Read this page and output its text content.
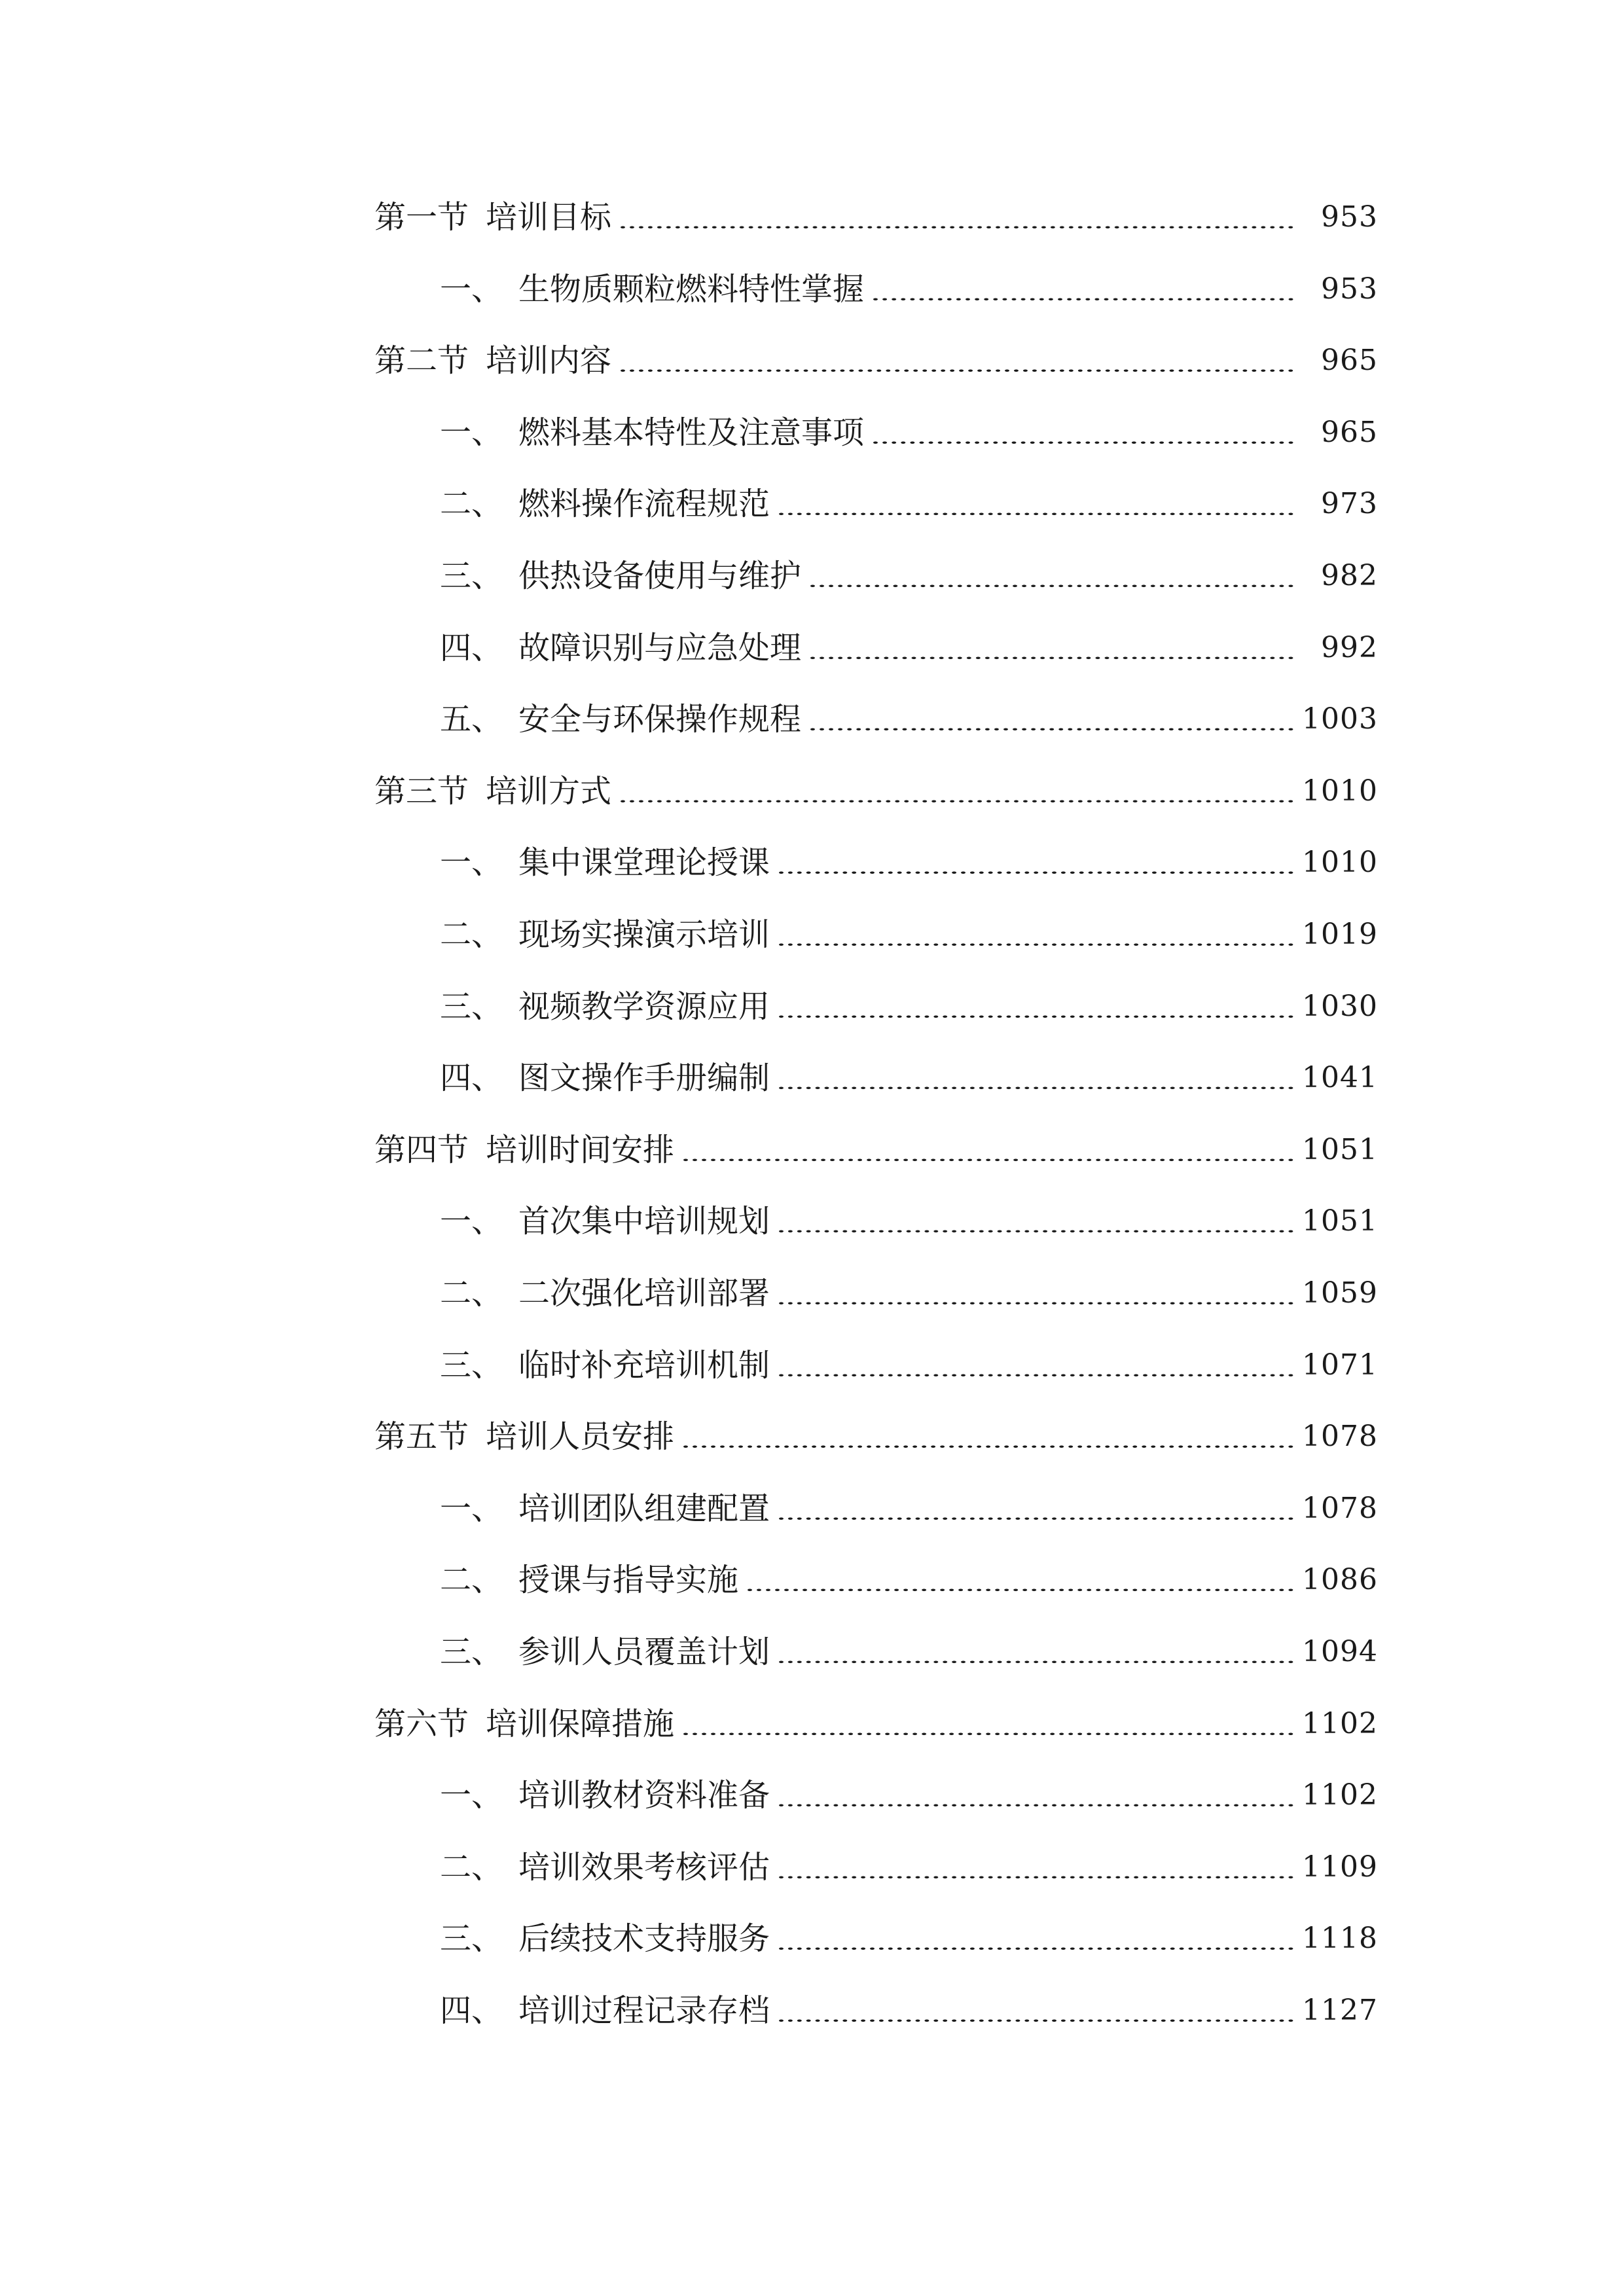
第一节 培训目标	953
一、 生物质颗粒燃料特性掌握	953
第二节 培训内容	965
一、 燃料基本特性及注意事项	965
二、 燃料操作流程规范	973
三、 供热设备使用与维护	982
四、 故障识别与应急处理	992
五、 安全与环保操作规程	1003
第三节 培训方式	1010
一、 集中课堂理论授课	1010
二、 现场实操演示培训	1019
三、 视频教学资源应用	1030
四、 图文操作手册编制	1041
第四节 培训时间安排	1051
一、 首次集中培训规划	1051
二、 二次强化培训部署	1059
三、 临时补充培训机制	1071
第五节 培训人员安排	1078
一、 培训团队组建配置	1078
二、 授课与指导实施	1086
三、 参训人员覆盖计划	1094
第六节 培训保障措施	1102
一、 培训教材资料准备	1102
二、 培训效果考核评估	1109
三、 后续技术支持服务	1118
四、 培训过程记录存档	1127
